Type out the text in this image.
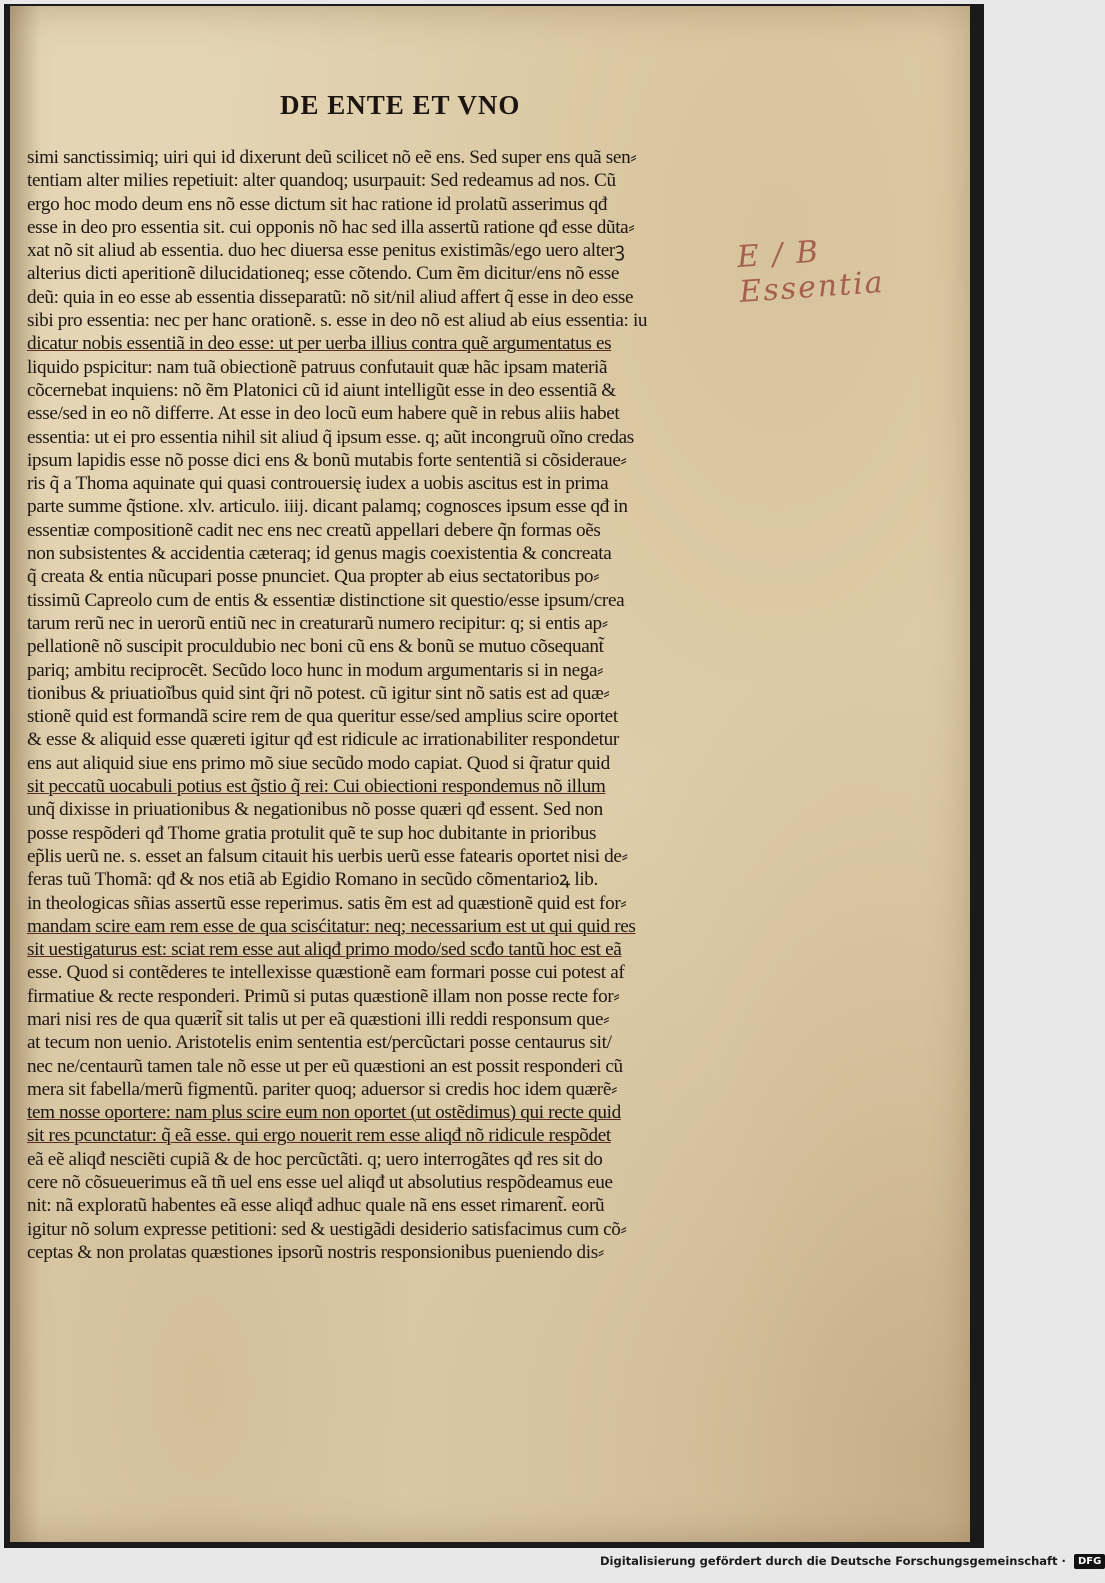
DE ENTE ET VNO
E / B Essentia
simi sanctissimiq; uiri qui id dixerunt deũ scilicet nõ eẽ ens. Sed super ens quã sen⸗
tentiam alter milies repetiuit: alter quandoq; usurpauit: Sed redeamus ad nos. Cũ
ergo hoc modo deum ens nõ esse dictum sit hac ratione id prolatũ asserimus qđ
esse in deo pro essentia sit. cui opponis nõ hac sed illa assertũ ratione qđ esse dũta⸗
xat nõ sit aliud ab essentia. duo hec diuersa esse penitus existimãs/ego uero alterꝫ
alterius dicti aperitionẽ dilucidationeq; esse cõtendo. Cum ẽm dicitur/ens nõ esse
deũ: quia in eo esse ab essentia disseparatũ: nõ sit/nil aliud affert q̃ esse in deo esse
sibi pro essentia: nec per hanc orationẽ. s. esse in deo nõ est aliud ab eius essentia: iu
dicatur nobis essentiã in deo esse: ut per uerba illius contra quẽ argumentatus es
liquido pspicitur: nam tuã obiectionẽ patruus confutauit quæ hãc ipsam materiã
cõcernebat inquiens: nõ ẽm Platonici cũ id aiunt intelligũt esse in deo essentiã &
esse/sed in eo nõ differre. At esse in deo locũ eum habere quẽ in rebus aliis habet
essentia: ut ei pro essentia nihil sit aliud q̃ ipsum esse. q; aũt incongruũ oĩno credas
ipsum lapidis esse nõ posse dici ens & bonũ mutabis forte sententiã si cõsideraue⸗
ris q̃ a Thoma aquinate qui quasi controuersię iudex a uobis ascitus est in prima
parte summe q̃stione. xlv. articulo. iiij. dicant palamq; cognosces ipsum esse qđ in
essentiæ compositionẽ cadit nec ens nec creatũ appellari debere q̃n formas oẽs
non subsistentes & accidentia cæteraq; id genus magis coexistentia & concreata
q̃ creata & entia nũcupari posse pnunciet. Qua propter ab eius sectatoribus po⸗
tissimũ Capreolo cum de entis & essentiæ distinctione sit questio/esse ipsum/crea
tarum rerũ nec in uerorũ entiũ nec in creaturarũ numero recipitur: q; si entis ap⸗
pellationẽ nõ suscipit proculdubio nec boni cũ ens & bonũ se mutuo cõsequant̃
pariq; ambitu reciprocẽt. Secũdo loco hunc in modum argumentaris si in nega⸗
tionibus & priuatioĩbus quid sint q̃ri nõ potest. cũ igitur sint nõ satis est ad quæ⸗
stionẽ quid est formandã scire rem de qua queritur esse/sed amplius scire oportet
& esse & aliquid esse quæreti igitur qđ est ridicule ac irrationabiliter respondetur
ens aut aliquid siue ens primo mõ siue secũdo modo capiat. Quod si q̃ratur quid
sit peccatũ uocabuli potius est q̃stio q̃ rei: Cui obiectioni respondemus nõ illum
unq̃ dixisse in priuationibus & negationibus nõ posse quæri qđ essent. Sed non
posse respõderi qđ Thome gratia protulit quẽ te sup hoc dubitante in prioribus
ep̃lis uerũ ne. s. esset an falsum citauit his uerbis uerũ esse fatearis oportet nisi de⸗
feras tuũ Thomã: qđ & nos etiã ab Egidio Romano in secũdo cõmentarioꝝ lib.
in theologicas sñias assertũ esse reperimus. satis ẽm est ad quæstionẽ quid est for⸗
mandam scire eam rem esse de qua scisćitatur: neq; necessarium est ut qui quid res
sit uestigaturus est: sciat rem esse aut aliqđ primo modo/sed scđo tantũ hoc est eã
esse. Quod si contẽderes te intellexisse quæstionẽ eam formari posse cui potest af
firmatiue & recte responderi. Primũ si putas quæstionẽ illam non posse recte for⸗
mari nisi res de qua quærit̃ sit talis ut per eã quæstioni illi reddi responsum que⸗
at tecum non uenio. Aristotelis enim sententia est/percũctari posse centaurus sit/
nec ne/centaurũ tamen tale nõ esse ut per eũ quæstioni an est possit responderi cũ
mera sit fabella/merũ figmentũ. pariter quoq; aduersor si credis hoc idem quærẽ⸗
tem nosse oportere: nam plus scire eum non oportet (ut ostẽdimus) qui recte quid
sit res pcunctatur: q̃ eã esse. qui ergo nouerit rem esse aliqđ nõ ridicule respõdet
eã eẽ aliqđ nesciẽti cupiã & de hoc percũctãti. q; uero interrogãtes qđ res sit do
cere nõ cõsueuerimus eã tñ uel ens esse uel aliqđ ut absolutius respõdeamus eue
nit: nã exploratũ habentes eã esse aliqđ adhuc quale nã ens esset rimarent̃. eorũ
igitur nõ solum expresse petitioni: sed & uestigãdi desiderio satisfacimus cum cõ⸗
ceptas & non prolatas quæstiones ipsorũ nostris responsionibus pueniendo dis⸗
Digitalisierung gefördert durch die Deutsche Forschungsgemeinschaft ·	DFG
